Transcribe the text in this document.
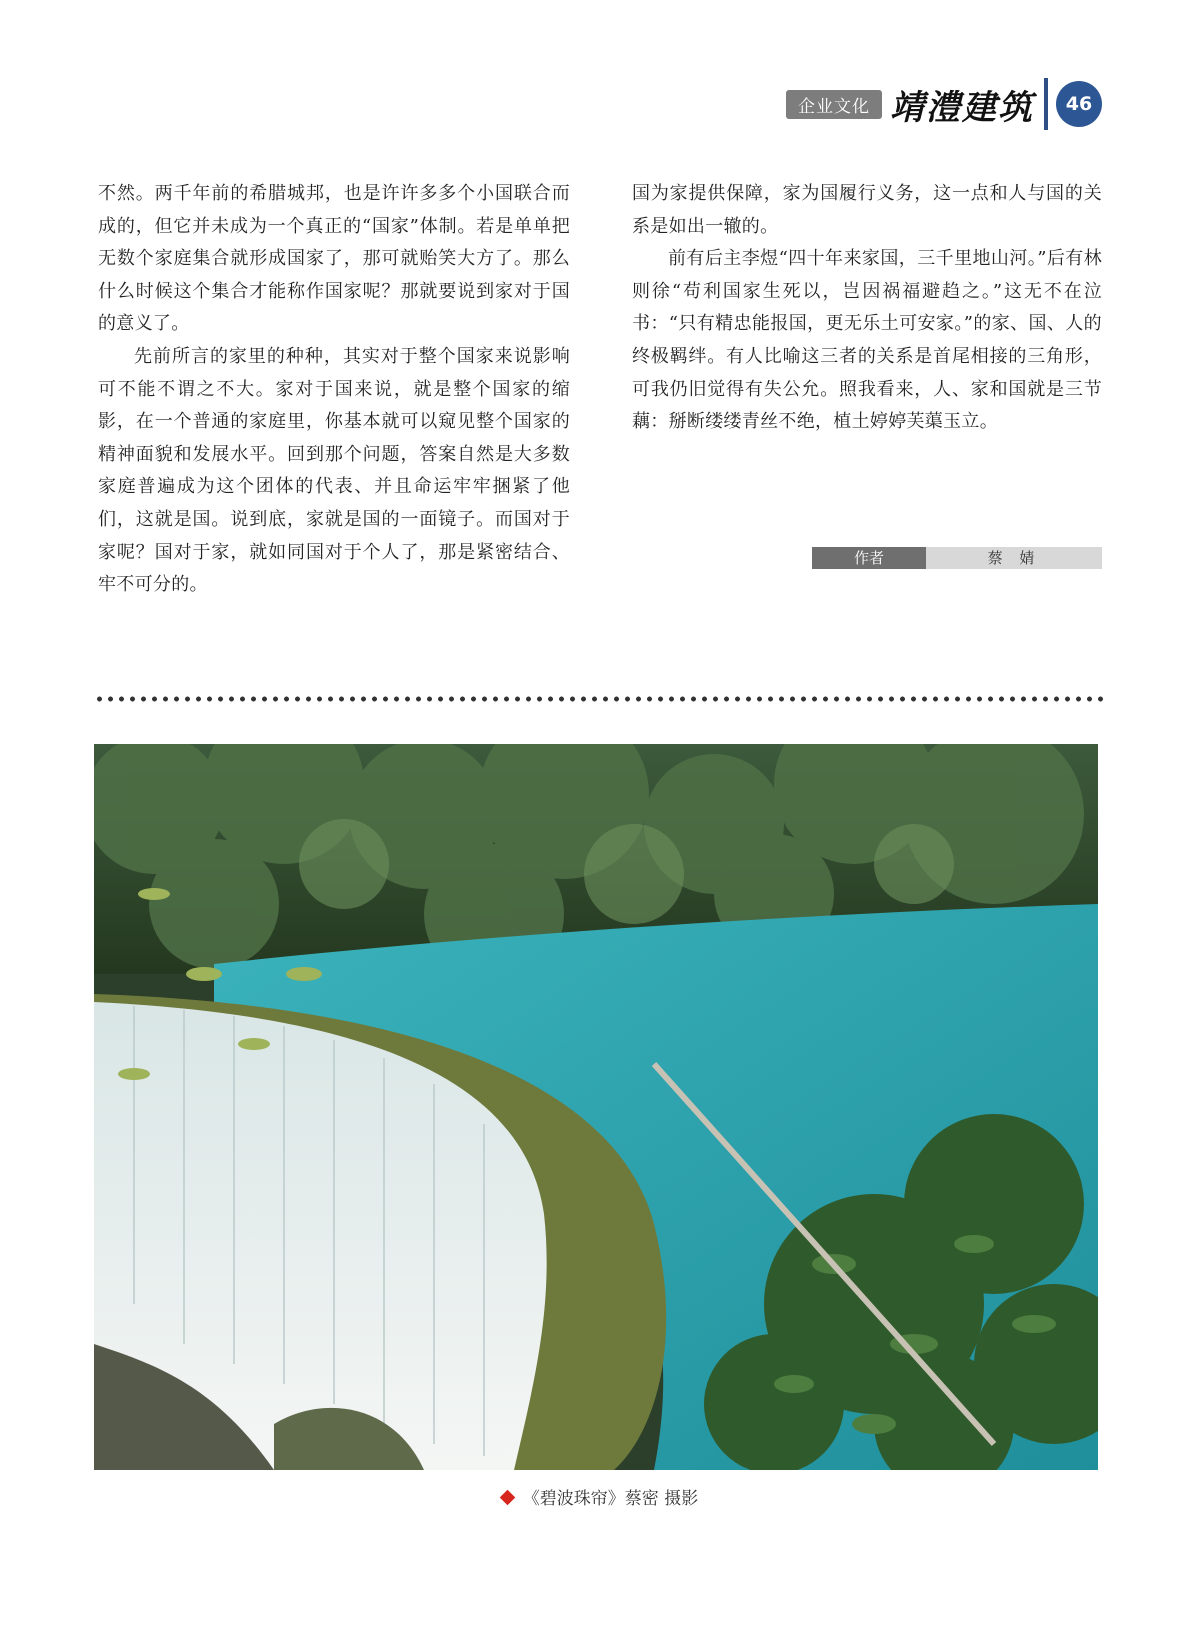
企业文化 靖澧建筑	46

不然。两千年前的希腊城邦，也是许许多多个小国联合而成的，但它并未成为一个真正的“国家”体制。若是单单把无数个家庭集合就形成国家了，那可就贻笑大方了。那么什么时候这个集合才能称作国家呢？那就要说到家对于国的意义了。

先前所言的家里的种种，其实对于整个国家来说影响可不能不谓之不大。家对于国来说，就是整个国家的缩影，在一个普通的家庭里，你基本就可以窥见整个国家的精神面貌和发展水平。回到那个问题，答案自然是大多数家庭普遍成为这个团体的代表、并且命运牢牢捆紧了他们，这就是国。说到底，家就是国的一面镜子。而国对于家呢？国对于家，就如同国对于个人了，那是紧密结合、牢不可分的。

国为家提供保障，家为国履行义务，这一点和人与国的关系是如出一辙的。

前有后主李煜“四十年来家国，三千里地山河。”后有林则徐“苟利国家生死以，岂因祸福避趋之。”这无不在泣书：“只有精忠能报国，更无乐土可安家。”的家、国、人的终极羁绊。有人比喻这三者的关系是首尾相接的三角形，可我仍旧觉得有失公允。照我看来，人、家和国就是三节藕：掰断缕缕青丝不绝，植土婷婷芙蕖玉立。

作者	蔡 婧
《碧波珠帘》蔡密 摄影
